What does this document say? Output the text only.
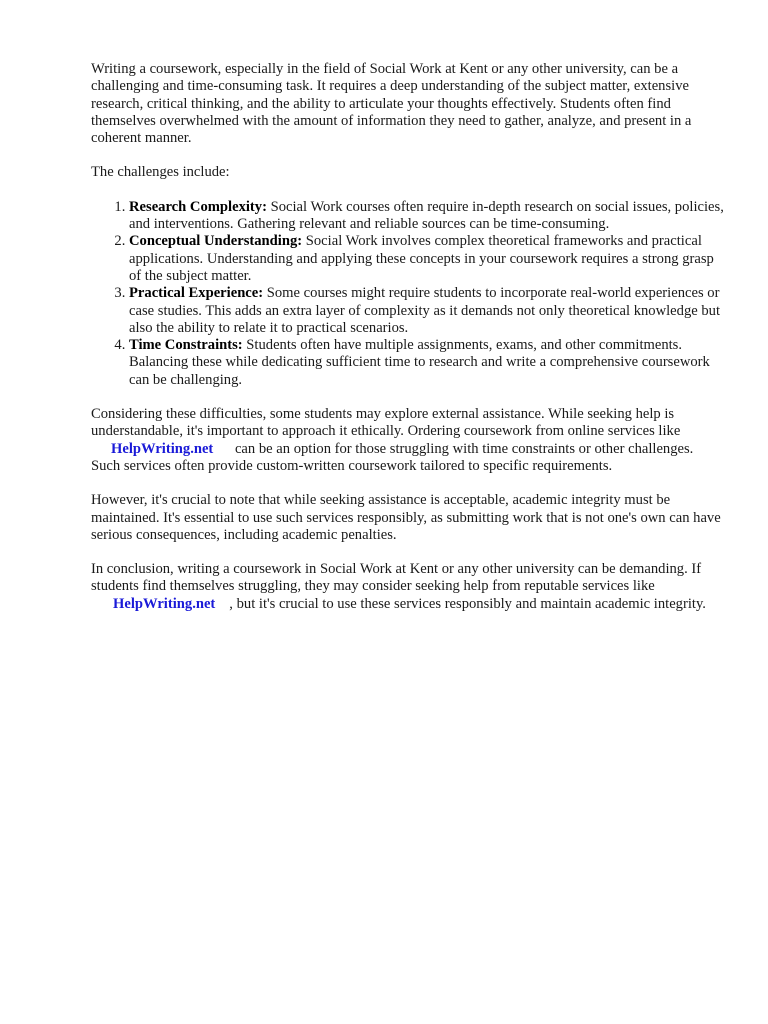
Writing a coursework, especially in the field of Social Work at Kent or any other university, can be a challenging and time-consuming task. It requires a deep understanding of the subject matter, extensive research, critical thinking, and the ability to articulate your thoughts effectively. Students often find themselves overwhelmed with the amount of information they need to gather, analyze, and present in a coherent manner.

The challenges include:

1. Research Complexity: Social Work courses often require in-depth research on social issues, policies, and interventions. Gathering relevant and reliable sources can be time-consuming.
2. Conceptual Understanding: Social Work involves complex theoretical frameworks and practical applications. Understanding and applying these concepts in your coursework requires a strong grasp of the subject matter.
3. Practical Experience: Some courses might require students to incorporate real-world experiences or case studies. This adds an extra layer of complexity as it demands not only theoretical knowledge but also the ability to relate it to practical scenarios.
4. Time Constraints: Students often have multiple assignments, exams, and other commitments. Balancing these while dedicating sufficient time to research and write a comprehensive coursework can be challenging.

Considering these difficulties, some students may explore external assistance. While seeking help is understandable, it's important to approach it ethically. Ordering coursework from online services like HelpWriting.net can be an option for those struggling with time constraints or other challenges. Such services often provide custom-written coursework tailored to specific requirements.

However, it's crucial to note that while seeking assistance is acceptable, academic integrity must be maintained. It's essential to use such services responsibly, as submitting work that is not one's own can have serious consequences, including academic penalties.

In conclusion, writing a coursework in Social Work at Kent or any other university can be demanding. If students find themselves struggling, they may consider seeking help from reputable services likeHelpWriting.net , but it's crucial to use these services responsibly and maintain academic integrity.
